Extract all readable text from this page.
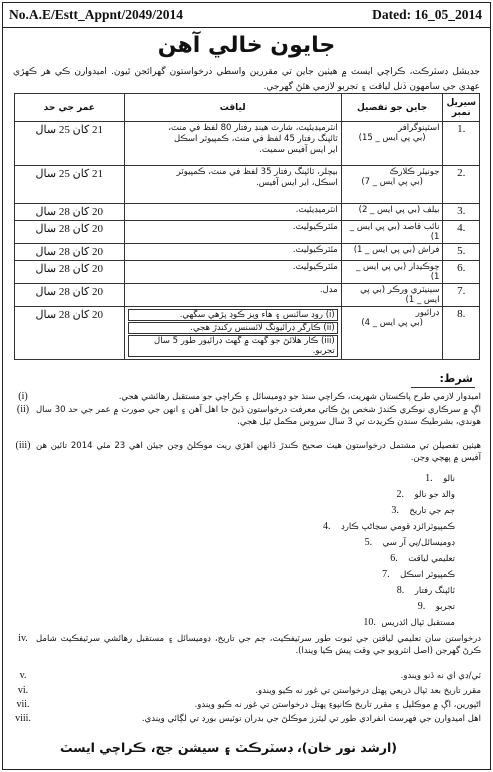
No.A.E/Estt_Appnt/2049/2014	Dated: 16_05_2014
جايون خالي آهن
جڊيشل ڊسٽرڪٽ، ڪراچي ايسٽ ۾ هيٺين جاين تي مقررين واسطي درخواستون گهرائجن ٿيون. اميدوارن ڪي هر ڪهڙي عهدي جي سامهون ڏنل لياقت ۽ تجربو لازمي هئڻ گهرجي.
سيريل نمبر	جاين جو تفصيل	لياقت	عمر جي حد
1.	اسٽينوگرافر
(بي پي ايس _ 15)	انٽرميڊيئيٽ، شارٽ هينڊ رفتار 80 لفظ في منٽ،
ٽائپنگ رفتار 45 لفظ في منٽ، ڪمپيوٽر اسڪل
اير ايس آفيس سميت.	21 کان 25 سال
2.	جونيئر ڪلارڪ
(بي پي ايس _ 7)	بيچلر، ٽائپنگ رفتار 35 لفظ في منٽ، ڪمپيوٽر
اسڪل، اير ايس آفيس.	21 کان 25 سال
3.	بيلف (بي پي ايس _ 2)	انٽرميڊيئيٽ.	20 کان 28 سال
4.	نائب قاصد (بي پي ايس _ 1)	مئٽرڪيوليٽ.	20 کان 28 سال
5.	فراش (بي پي ايس _ 1)	مئٽرڪيوليٽ.	20 کان 28 سال
6.	چوڪيدار (بي پي ايس _ 1)	مئٽرڪيوليٽ.	20 کان 28 سال
7.	سينيٽري ورڪر (بي پي ايس _ 1)	مڊل.	20 کان 28 سال
8.	ڊرائيور
(بي پي ايس _ 4)	(i) روڊ سائنس ۽ هاء ويز ڪوڊ پڙهي سگهي.
(ii) ڪارگر ڊرائيونگ لائسنس رکندڙ هجي.
(iii) ڪار هلائڻ جو گهٽ ۾ گهٽ ڊرائيور طور 5 سال تجربو.	20 کان 28 سال
شرط:
اميدوار لازمي طرح پاڪستان شهريت، ڪراچي سنڌ جو ڊوميسائل ۽ ڪراچي جو مستقبل رهائشي هجي.
(i)
اڳ ۾ سرڪاري نوڪري ڪندڙ شخص پڻ ڪاتي معرفت درخواستون ڏيڻ جا اهل آهن ۽ انهن جي صورت ۾ عمر جي حد 30 سال هوندي، بشرطيڪ سندن ڪريڊٽ تي 3 سال سروس مڪمل ٿيل هجي.
(ii)
هيٺين تفصيلن تي مشتمل درخواستون هيٺ صحيح ڪندڙ ڏانهن اهڙي ريت موڪلڻ وڃن جيئن اهي 23 مئي 2014 تائين هن آفيس ۾ پهچي وڃن.
(iii)
نالو
1.
والد جو نالو
2.
ڄم جي تاريخ
3.
ڪمپيوٽرائزڊ قومي سڃاڻپ ڪارڊ
4.
ڊوميسائل/پي آر سي
5.
تعليمي لياقت
6.
ڪمپيوٽر اسڪل
7.
ٽائپنگ رفتار
8.
تجربو
9.
مستقبل ٽپال ائڊريس
10.
درخواستن سان تعليمي لياقتن جي ثبوت طور سرٽيفڪيٽ، ڄم جي تاريخ، ڊوميسائل ۽ مستقبل رهائشي سرٽيفڪيٽ شامل ڪرڻ گهرجن (اصل انٽرويو جي وقت پيش ڪيا ويندا).
iv.
ٽي/ڊي اي نه ڏنو ويندو.
v.
مقرر تاريخ بعد ٽپال ذريعي پهتل درخواستن تي غور نه ڪيو ويندو.
vi.
اڻپورين، اڳ ۾ موڪليل ۽ مقرر تاريخ ڪانپوءِ پهتل درخواستن تي غور نه ڪيو ويندو.
vii.
اهل اميدوارن جي فهرست انفرادي طور تي ليٽرز موڪلڻ جي بدران نوٽيس بورڊ تي لڳائي ويندي.
viii.
(ارشد نور خان)، ڊسٽرڪٽ ۽ سيشن جج، ڪراچي ايسٽ
